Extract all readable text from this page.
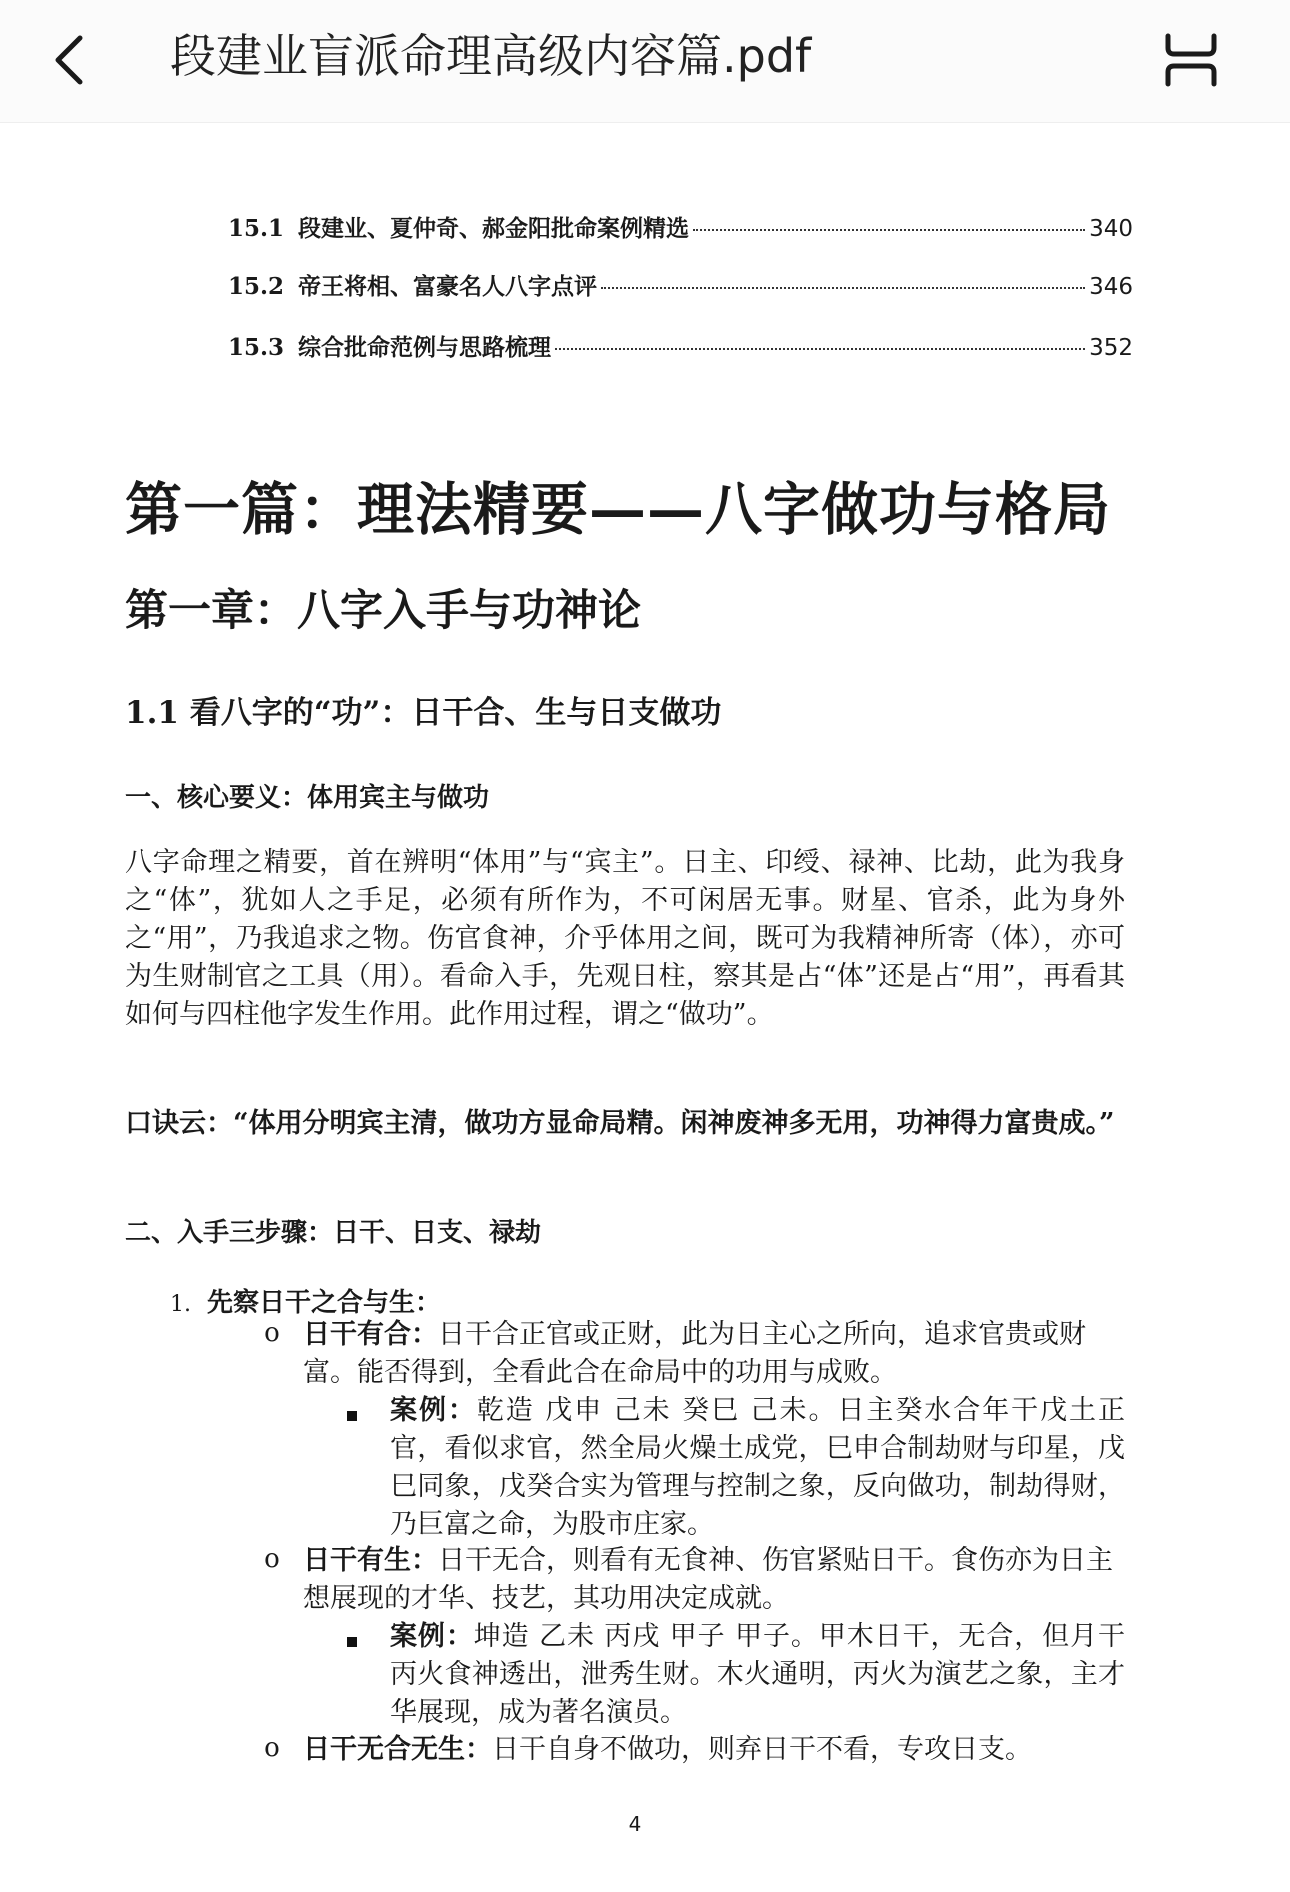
段建业盲派命理高级内容篇.pdf
15.1 段建业、夏仲奇、郝金阳批命案例精选	340
15.2 帝王将相、富豪名人八字点评	346
15.3 综合批命范例与思路梳理	352
第一篇：理法精要——八字做功与格局
第一章：八字入手与功神论
1.1 看八字的“功”：日干合、生与日支做功
一、核心要义：体用宾主与做功
八字命理之精要，首在辨明“体用”与“宾主”。日主、印绶、禄神、比劫，此为我身之“体”，犹如人之手足，必须有所作为，不可闲居无事。财星、官杀，此为身外之“用”，乃我追求之物。伤官食神，介乎体用之间，既可为我精神所寄（体），亦可为生财制官之工具（用）。看命入手，先观日柱，察其是占“体”还是占“用”，再看其如何与四柱他字发生作用。此作用过程，谓之“做功”。
口诀云：“体用分明宾主清，做功方显命局精。闲神废神多无用，功神得力富贵成。”
二、入手三步骤：日干、日支、禄劫
1. 先察日干之合与生：
o 日干有合：日干合正官或正财，此为日主心之所向，追求官贵或财富。能否得到，全看此合在命局中的功用与成败。
案例：乾造 戊申 己未 癸巳 己未。日主癸水合年干戊土正官，看似求官，然全局火燥土成党，巳申合制劫财与印星，戊巳同象，戊癸合实为管理与控制之象，反向做功，制劫得财，乃巨富之命，为股市庄家。
o 日干有生：日干无合，则看有无食神、伤官紧贴日干。食伤亦为日主想展现的才华、技艺，其功用决定成就。
案例：坤造 乙未 丙戌 甲子 甲子。甲木日干，无合，但月干丙火食神透出，泄秀生财。木火通明，丙火为演艺之象，主才华展现，成为著名演员。
o 日干无合无生：日干自身不做功，则弃日干不看，专攻日支。
4
